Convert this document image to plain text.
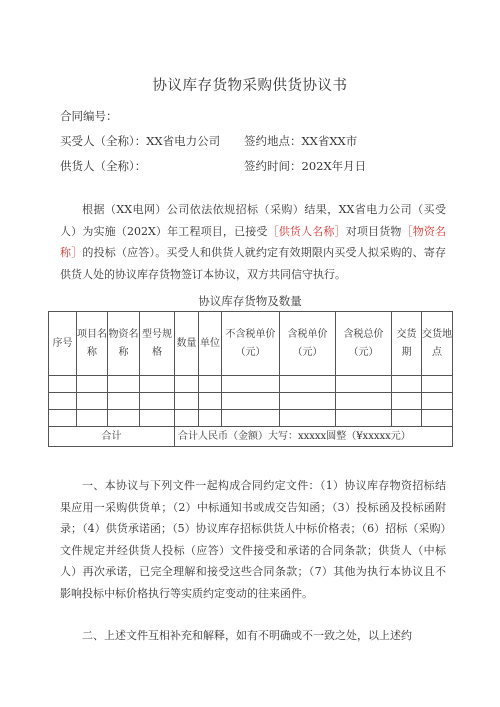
协议库存货物采购供货协议书
合同编号：
买受人（全称）：XX省电力公司 签约地点：XX省XX市
供货人（全称）：	签约时间：202X年月日
根据（XX电网）公司依法依规招标（采购）结果，XX省电力公司（买受人）为实施（202X）年工程项目，已接受［供货人名称］对项目货物［物资名称］的投标（应答）。买受人和供货人就约定有效期限内买受人拟采购的、寄存供货人处的协议库存货物签订本协议，双方共同信守执行。
协议库存货物及数量
序号	项目名称	物资名称	型号规格	数量	单位	不含税单价（元）	含税单价（元）	含税总价（元）	交货期	交货地点

合计				合计人民币（金额）大写：xxxxx圆整（¥xxxxx元）						
一、本协议与下列文件一起构成合同约定文件：（1）协议库存物资招标结果应用一采购供货单；（2）中标通知书或成交告知函；（3）投标函及投标函附录；（4）供货承诺函；（5）协议库存招标供货人中标价格表；（6）招标（采购）文件规定并经供货人投标（应答）文件接受和承诺的合同条款；供货人（中标人）再次承诺，已完全理解和接受这些合同条款；（7）其他为执行本协议且不影响投标中标价格执行等实质约定变动的往来函件。
二、上述文件互相补充和解释，如有不明确或不一致之处，以上述约
